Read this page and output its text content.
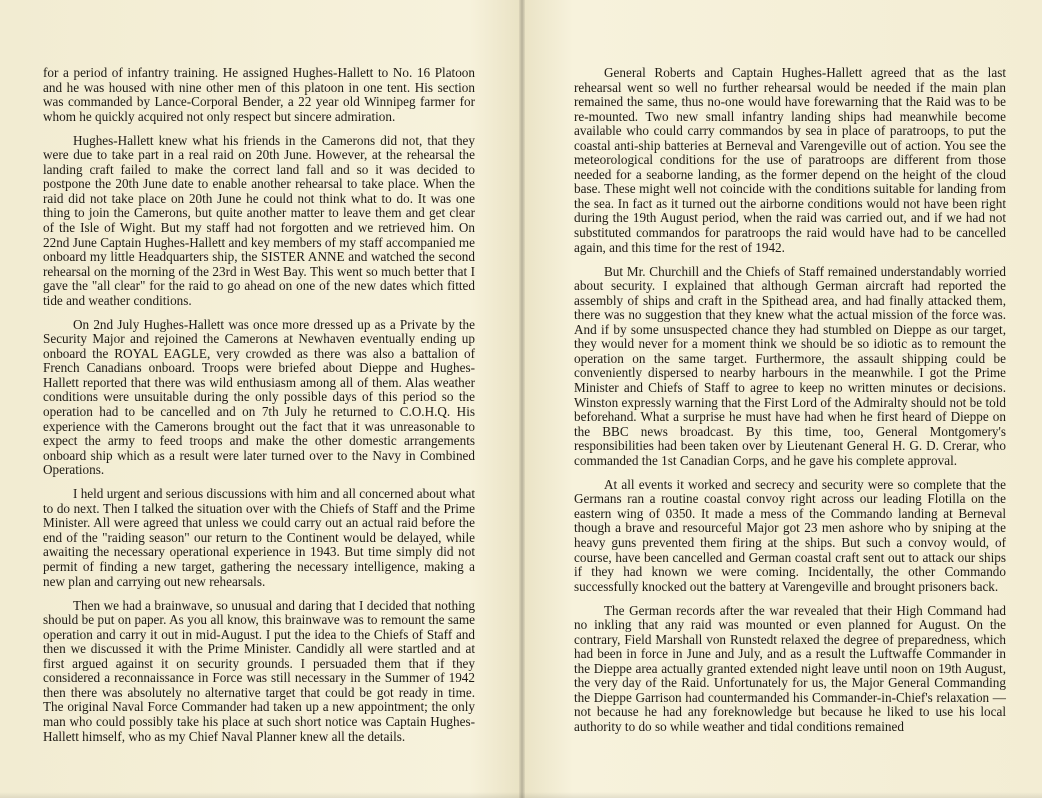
for a period of infantry training. He assigned Hughes-Hallett to No. 16 Platoon and he was housed with nine other men of this platoon in one tent. His section was commanded by Lance-Corporal Bender, a 22 year old Winnipeg farmer for whom he quickly acquired not only respect but sincere admiration.

Hughes-Hallett knew what his friends in the Camerons did not, that they were due to take part in a real raid on 20th June. However, at the rehearsal the landing craft failed to make the correct land fall and so it was decided to postpone the 20th June date to enable another rehearsal to take place. When the raid did not take place on 20th June he could not think what to do. It was one thing to join the Camerons, but quite another matter to leave them and get clear of the Isle of Wight. But my staff had not forgotten and we retrieved him. On 22nd June Captain Hughes-Hallett and key members of my staff accompanied me onboard my little Headquarters ship, the SISTER ANNE and watched the second rehearsal on the morning of the 23rd in West Bay. This went so much better that I gave the "all clear" for the raid to go ahead on one of the new dates which fitted tide and weather conditions.

On 2nd July Hughes-Hallett was once more dressed up as a Private by the Security Major and rejoined the Camerons at Newhaven eventually ending up onboard the ROYAL EAGLE, very crowded as there was also a battalion of French Canadians onboard. Troops were briefed about Dieppe and Hughes-Hallett reported that there was wild enthusiasm among all of them. Alas weather conditions were unsuitable during the only possible days of this period so the operation had to be cancelled and on 7th July he returned to C.O.H.Q. His experience with the Camerons brought out the fact that it was unreasonable to expect the army to feed troops and make the other domestic arrangements onboard ship which as a result were later turned over to the Navy in Combined Operations.

I held urgent and serious discussions with him and all concerned about what to do next. Then I talked the situation over with the Chiefs of Staff and the Prime Minister. All were agreed that unless we could carry out an actual raid before the end of the "raiding season" our return to the Continent would be delayed, while awaiting the necessary operational experience in 1943. But time simply did not permit of finding a new target, gathering the necessary intelligence, making a new plan and carrying out new rehearsals.

Then we had a brainwave, so unusual and daring that I decided that nothing should be put on paper. As you all know, this brainwave was to remount the same operation and carry it out in mid-August. I put the idea to the Chiefs of Staff and then we discussed it with the Prime Minister. Candidly all were startled and at first argued against it on security grounds. I persuaded them that if they considered a reconnaissance in Force was still necessary in the Summer of 1942 then there was absolutely no alternative target that could be got ready in time. The original Naval Force Commander had taken up a new appointment; the only man who could possibly take his place at such short notice was Captain Hughes-Hallett himself, who as my Chief Naval Planner knew all the details.

General Roberts and Captain Hughes-Hallett agreed that as the last rehearsal went so well no further rehearsal would be needed if the main plan remained the same, thus no-one would have forewarning that the Raid was to be re-mounted. Two new small infantry landing ships had meanwhile become available who could carry commandos by sea in place of paratroops, to put the coastal anti-ship batteries at Berneval and Varengeville out of action. You see the meteorological conditions for the use of paratroops are different from those needed for a seaborne landing, as the former depend on the height of the cloud base. These might well not coincide with the conditions suitable for landing from the sea. In fact as it turned out the airborne conditions would not have been right during the 19th August period, when the raid was carried out, and if we had not substituted commandos for paratroops the raid would have had to be cancelled again, and this time for the rest of 1942.

But Mr. Churchill and the Chiefs of Staff remained understandably worried about security. I explained that although German aircraft had reported the assembly of ships and craft in the Spithead area, and had finally attacked them, there was no suggestion that they knew what the actual mission of the force was. And if by some unsuspected chance they had stumbled on Dieppe as our target, they would never for a moment think we should be so idiotic as to remount the operation on the same target. Furthermore, the assault shipping could be conveniently dispersed to nearby harbours in the meanwhile. I got the Prime Minister and Chiefs of Staff to agree to keep no written minutes or decisions. Winston expressly warning that the First Lord of the Admiralty should not be told beforehand. What a surprise he must have had when he first heard of Dieppe on the BBC news broadcast. By this time, too, General Montgomery's responsibilities had been taken over by Lieutenant General H. G. D. Crerar, who commanded the 1st Canadian Corps, and he gave his complete approval.

At all events it worked and secrecy and security were so complete that the Germans ran a routine coastal convoy right across our leading Flotilla on the eastern wing of 0350. It made a mess of the Commando landing at Berneval though a brave and resourceful Major got 23 men ashore who by sniping at the heavy guns prevented them firing at the ships. But such a convoy would, of course, have been cancelled and German coastal craft sent out to attack our ships if they had known we were coming. Incidentally, the other Commando successfully knocked out the battery at Varengeville and brought prisoners back.

The German records after the war revealed that their High Command had no inkling that any raid was mounted or even planned for August. On the contrary, Field Marshall von Runstedt relaxed the degree of preparedness, which had been in force in June and July, and as a result the Luftwaffe Commander in the Dieppe area actually granted extended night leave until noon on 19th August, the very day of the Raid. Unfortunately for us, the Major General Commanding the Dieppe Garrison had countermanded his Commander-in-Chief's relaxation — not because he had any foreknowledge but because he liked to use his local authority to do so while weather and tidal conditions remained
